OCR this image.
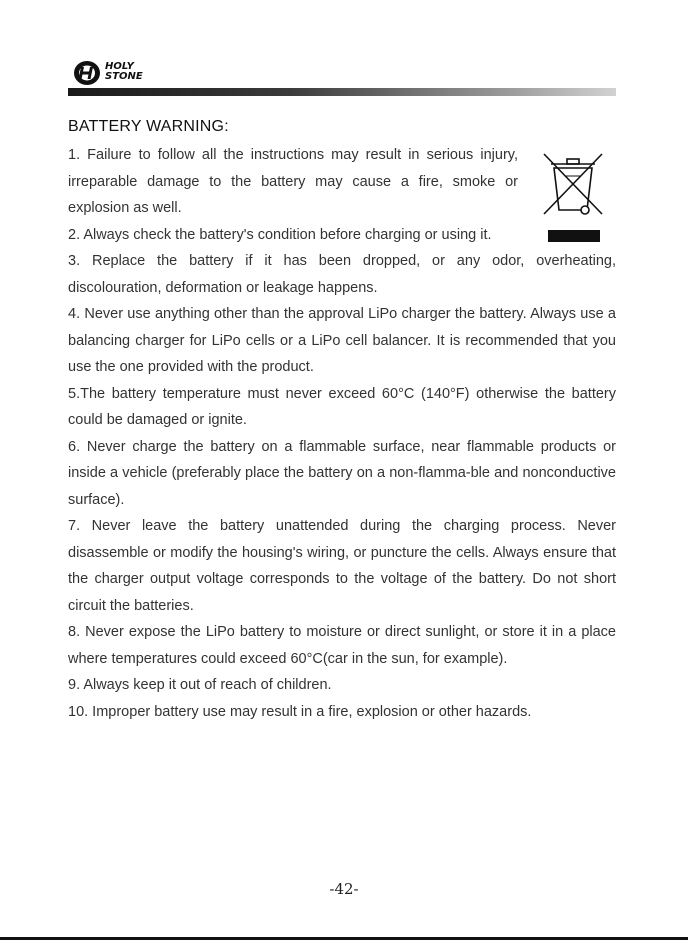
HOLY
STONE
BATTERY WARNING:

1. Failure to follow all the instructions may result in serious injury, irreparable damage to the battery may cause a fire, smoke or explosion as well.

2. Always check the battery's condition before charging or using it.

3. Replace the battery if it has been dropped, or any odor, overheating, discolouration, deformation or leakage happens.

4. Never use anything other than the approval LiPo charger the battery. Always use a balancing charger for LiPo cells or a LiPo cell balancer. It is recommended that you use the one provided with the product.

5.The battery temperature must never exceed 60°C (140°F) otherwise the battery could be damaged or ignite.

6. Never charge the battery on a flammable surface, near flammable products or inside a vehicle (preferably place the battery on a non-flamma-ble and nonconductive surface).

7. Never leave the battery unattended during the charging process. Never disassemble or modify the housing's wiring, or puncture the cells. Always ensure that the charger output voltage corresponds to the voltage of the battery. Do not short circuit the batteries.

8. Never expose the LiPo battery to moisture or direct sunlight, or store it in a place where temperatures could exceed 60°C(car in the sun, for example).

9. Always keep it out of reach of children.

10. Improper battery use may result in a fire, explosion or other hazards.

-42-
